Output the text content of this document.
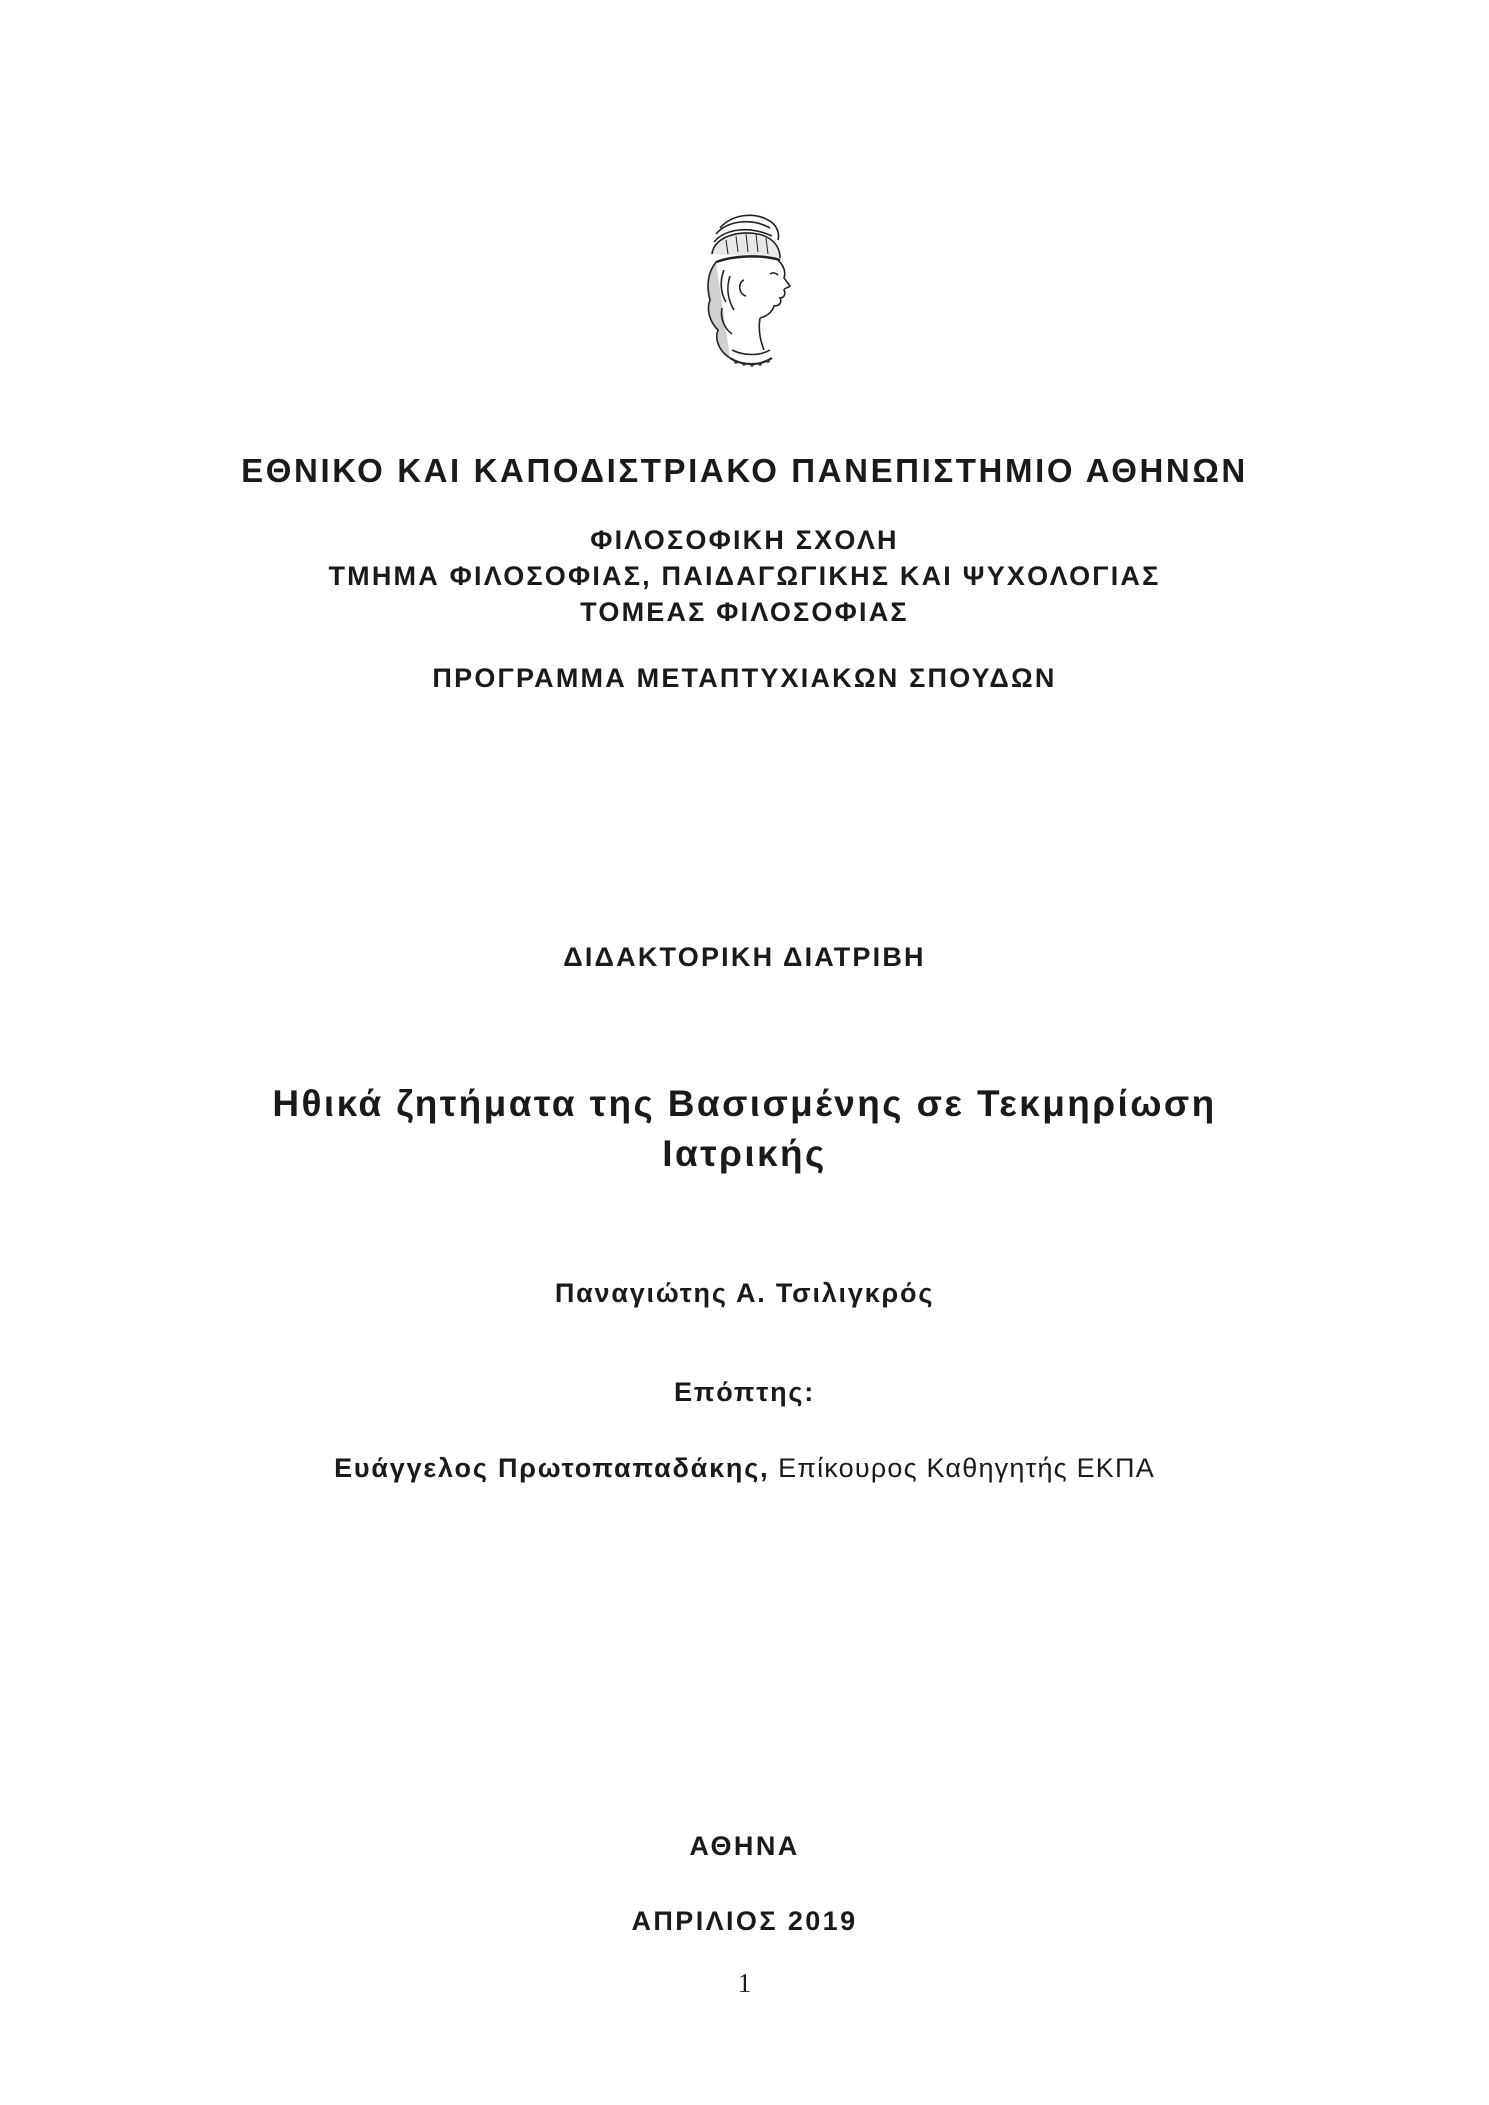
ΕΘΝΙΚΟ ΚΑΙ ΚΑΠΟΔΙΣΤΡΙΑΚΟ ΠΑΝΕΠΙΣΤΗΜΙΟ ΑΘΗΝΩΝ
ΦΙΛΟΣΟΦΙΚΗ ΣΧΟΛΗ
ΤΜΗΜΑ ΦΙΛΟΣΟΦΙΑΣ, ΠΑΙΔΑΓΩΓΙΚΗΣ ΚΑΙ ΨΥΧΟΛΟΓΙΑΣ
ΤΟΜΕΑΣ ΦΙΛΟΣΟΦΙΑΣ
ΠΡΟΓΡΑΜΜΑ ΜΕΤΑΠΤΥΧΙΑΚΩΝ ΣΠΟΥΔΩΝ
ΔΙΔΑΚΤΟΡΙΚΗ ΔΙΑΤΡΙΒΗ
Ηθικά ζητήματα της Βασισμένης σε Τεκμηρίωση
Ιατρικής
Παναγιώτης Α. Τσιλιγκρός
Επόπτης:
Ευάγγελος Πρωτοπαπαδάκης, Επίκουρος Καθηγητής ΕΚΠΑ
ΑΘΗΝΑ
ΑΠΡΙΛΙΟΣ 2019
1
